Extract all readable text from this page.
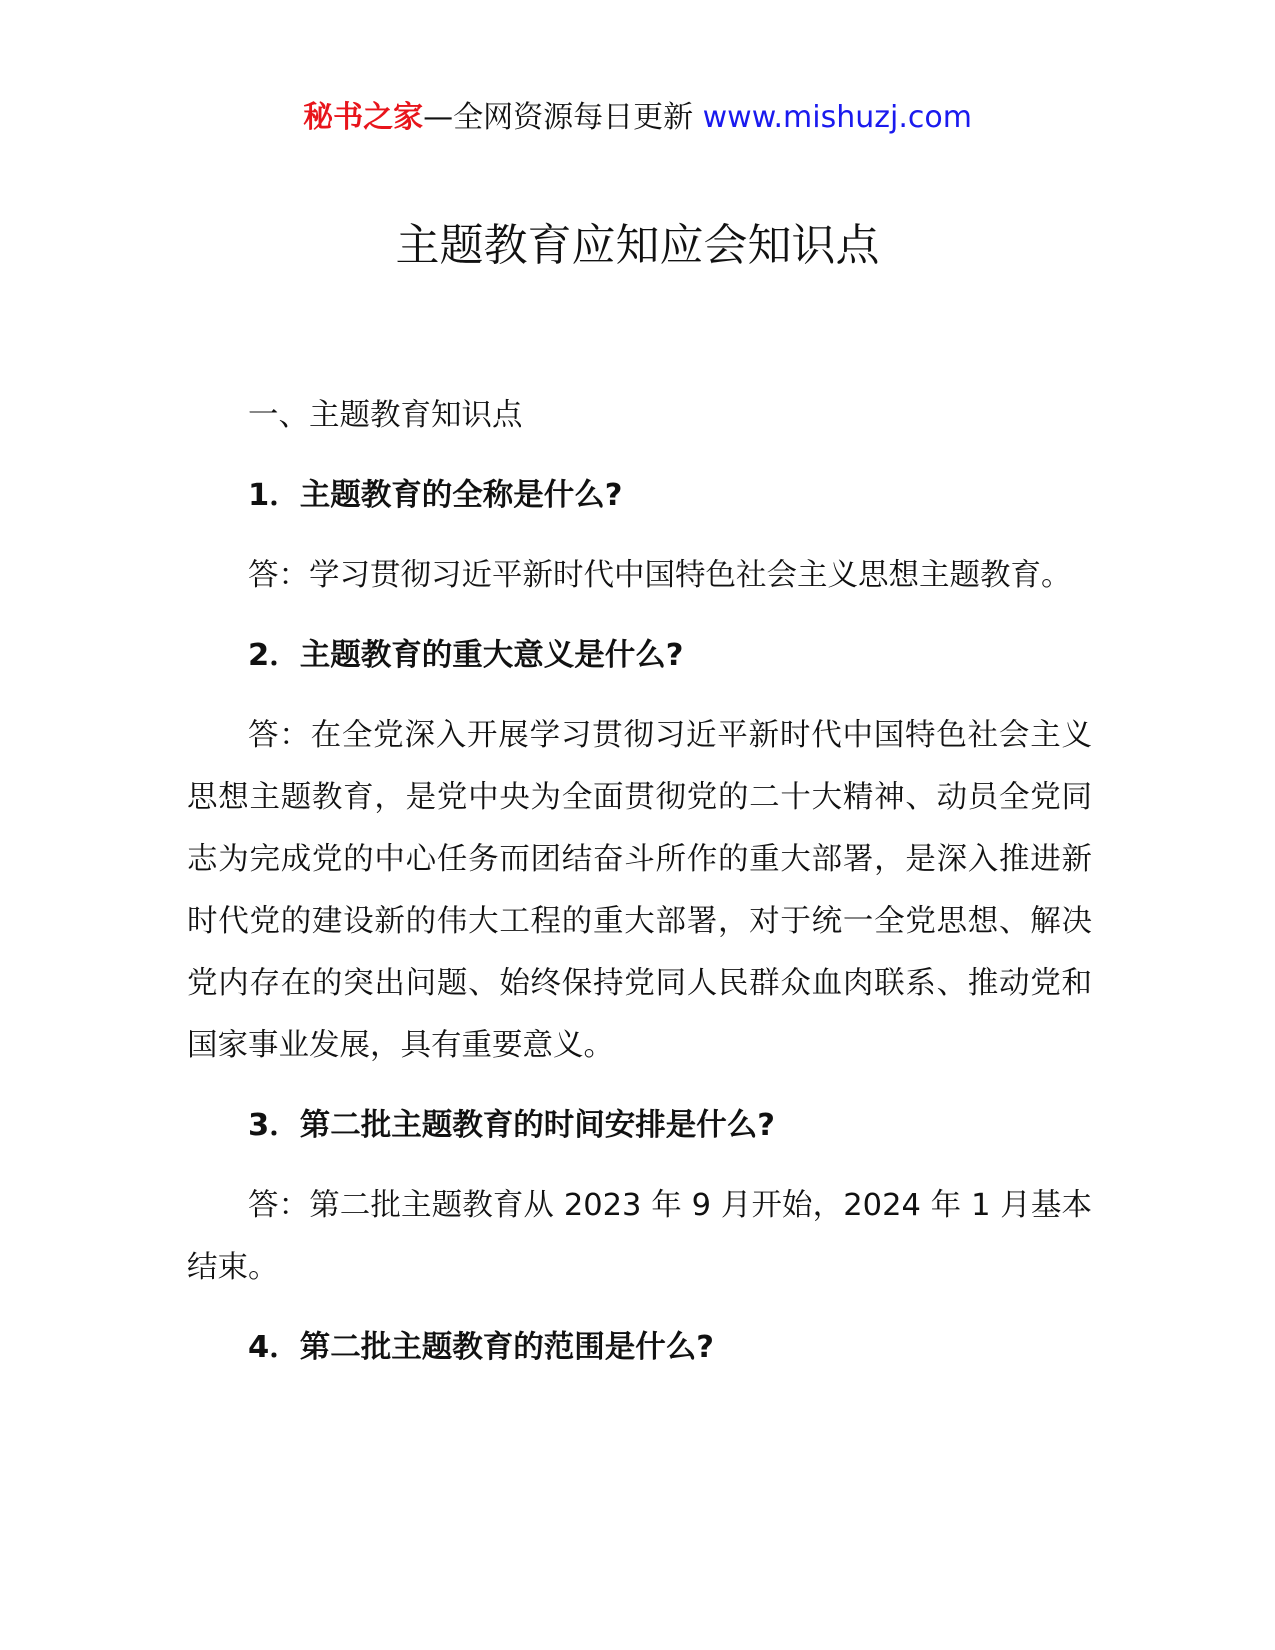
秘书之家—全网资源每日更新 www.mishuzj.com
主题教育应知应会知识点

一、主题教育知识点

1．主题教育的全称是什么?

答：学习贯彻习近平新时代中国特色社会主义思想主题教育。

2．主题教育的重大意义是什么?

答：在全党深入开展学习贯彻习近平新时代中国特色社会主义思想主题教育，是党中央为全面贯彻党的二十大精神、动员全党同志为完成党的中心任务而团结奋斗所作的重大部署，是深入推进新时代党的建设新的伟大工程的重大部署，对于统一全党思想、解决党内存在的突出问题、始终保持党同人民群众血肉联系、推动党和国家事业发展，具有重要意义。

3．第二批主题教育的时间安排是什么?

答：第二批主题教育从 2023 年 9 月开始，2024 年 1 月基本结束。

4．第二批主题教育的范围是什么?
